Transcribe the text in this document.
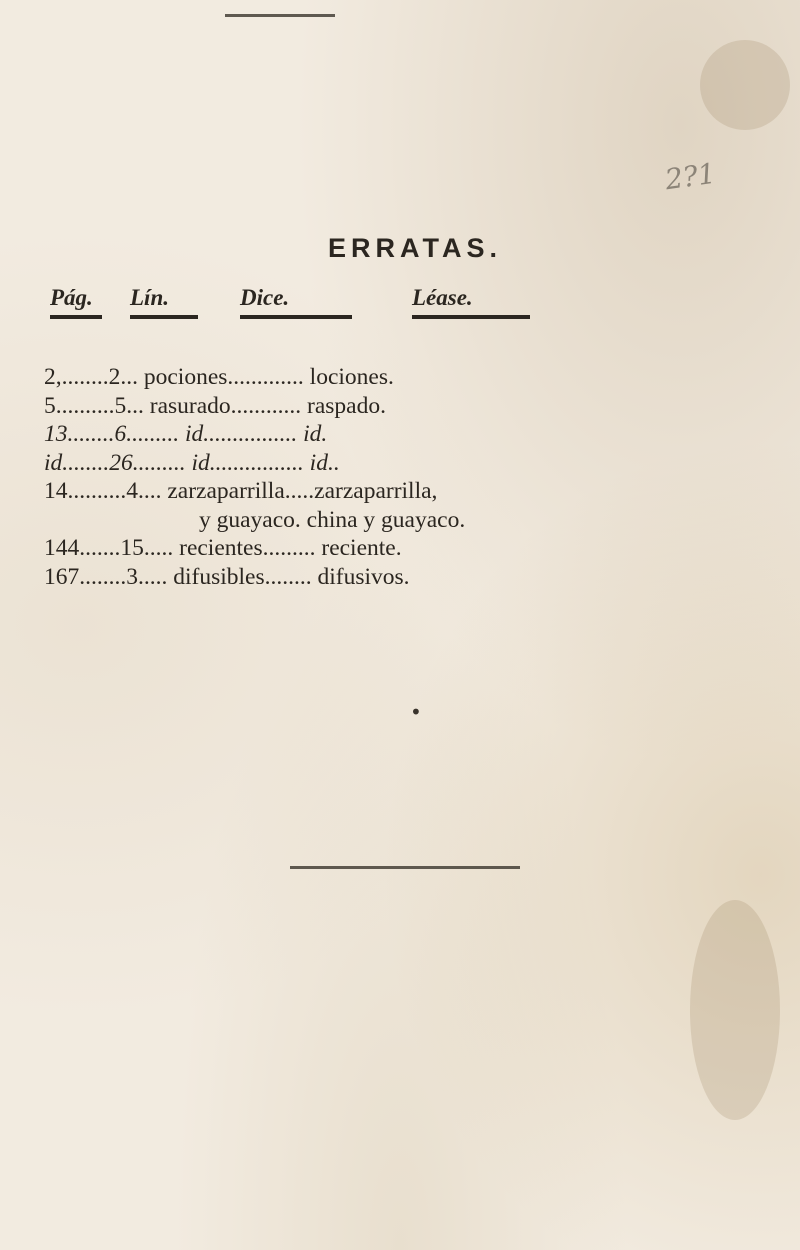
2?1
ERRATAS.
Pág.	Lín.	Dice.	Léase.
2,........2... pociones............. lociones.
5..........5... rasurado............ raspado.
13........6......... id................ id.
id........26......... id................ id..
14..........4.... zarzaparrilla.....zarzaparrilla,
y guayaco. china y guayaco.
144.......15..... recientes......... reciente.
167........3..... difusibles........ difusivos.
•
